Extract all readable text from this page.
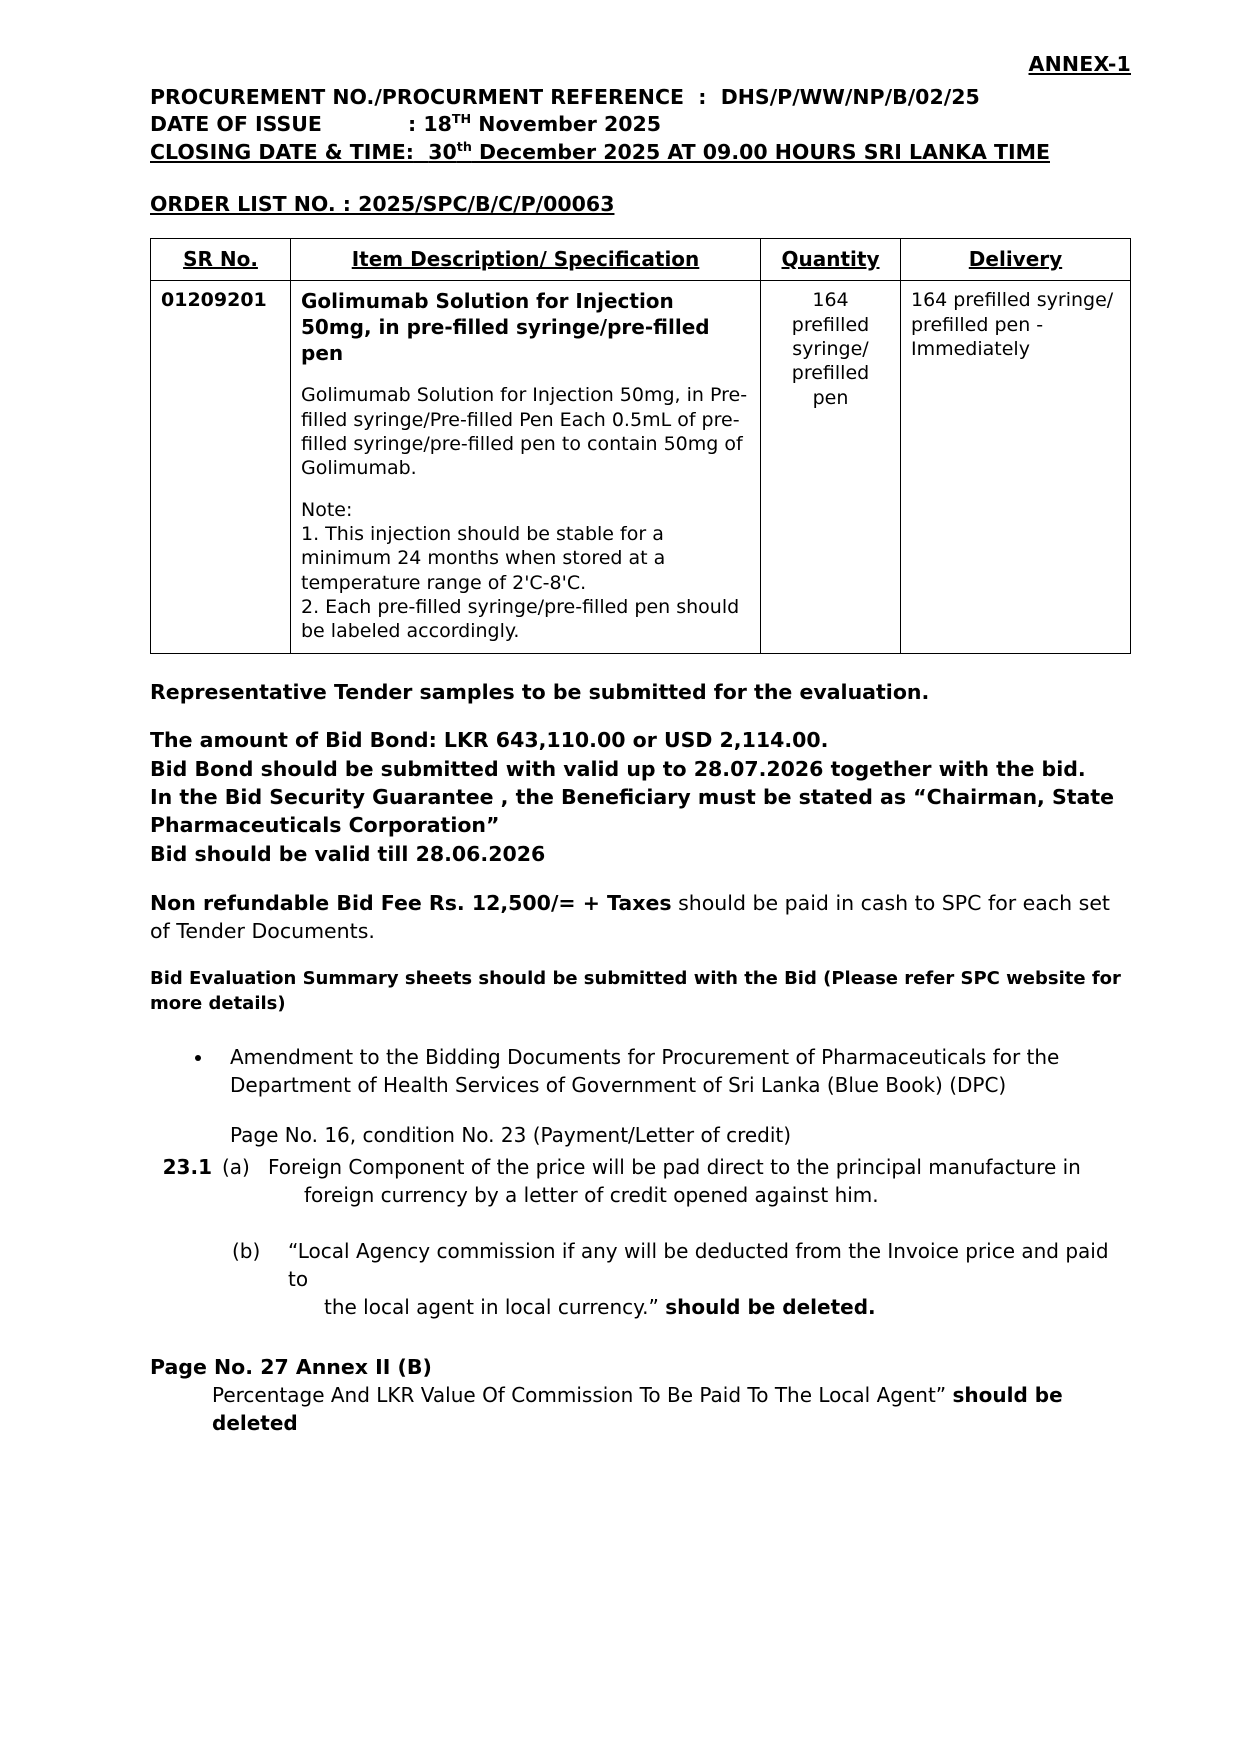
ANNEX-1
PROCUREMENT NO./PROCURMENT REFERENCE  : DHS/P/WW/NP/B/02/25
DATE OF ISSUE	: 18TH November 2025
CLOSING DATE & TIME: 30th December 2025 AT 09.00 HOURS SRI LANKA TIME
ORDER LIST NO. : 2025/SPC/B/C/P/00063
SR No.	Item Description/ Specification	Quantity	Delivery
01209201	Golimumab Solution for Injection 50mg, in pre-filled syringe/pre-filled pen
Golimumab Solution for Injection 50mg, in Pre-filled syringe/Pre-filled Pen Each 0.5mL of pre-filled syringe/pre-filled pen to contain 50mg of Golimumab.
Note:
1. This injection should be stable for a minimum 24 months when stored at a temperature range of 2'C-8'C.
2. Each pre-filled syringe/pre-filled pen should be labeled accordingly.	164 prefilled syringe/ prefilled pen	164 prefilled syringe/ prefilled pen - Immediately
Representative Tender samples to be submitted for the evaluation.
The amount of Bid Bond: LKR 643,110.00 or USD 2,114.00.
Bid Bond should be submitted with valid up to 28.07.2026 together with the bid.
In the Bid Security Guarantee , the Beneficiary must be stated as “Chairman, State Pharmaceuticals Corporation”
Bid should be valid till 28.06.2026
Non refundable Bid Fee Rs. 12,500/= + Taxes should be paid in cash to SPC for each set of Tender Documents.
Bid Evaluation Summary sheets should be submitted with the Bid (Please refer SPC website for more details)
• Amendment to the Bidding Documents for Procurement of Pharmaceuticals for the Department of Health Services of Government of Sri Lanka (Blue Book) (DPC)
Page No. 16, condition No. 23 (Payment/Letter of credit)
23.1 (a) Foreign Component of the price will be pad direct to the principal manufacture in
foreign currency by a letter of credit opened against him.
(b)	“Local Agency commission if any will be deducted from the Invoice price and paid to
the local agent in local currency.” should be deleted.
Page No. 27 Annex II (B)
Percentage And LKR Value Of Commission To Be Paid To The Local Agent” should be deleted
